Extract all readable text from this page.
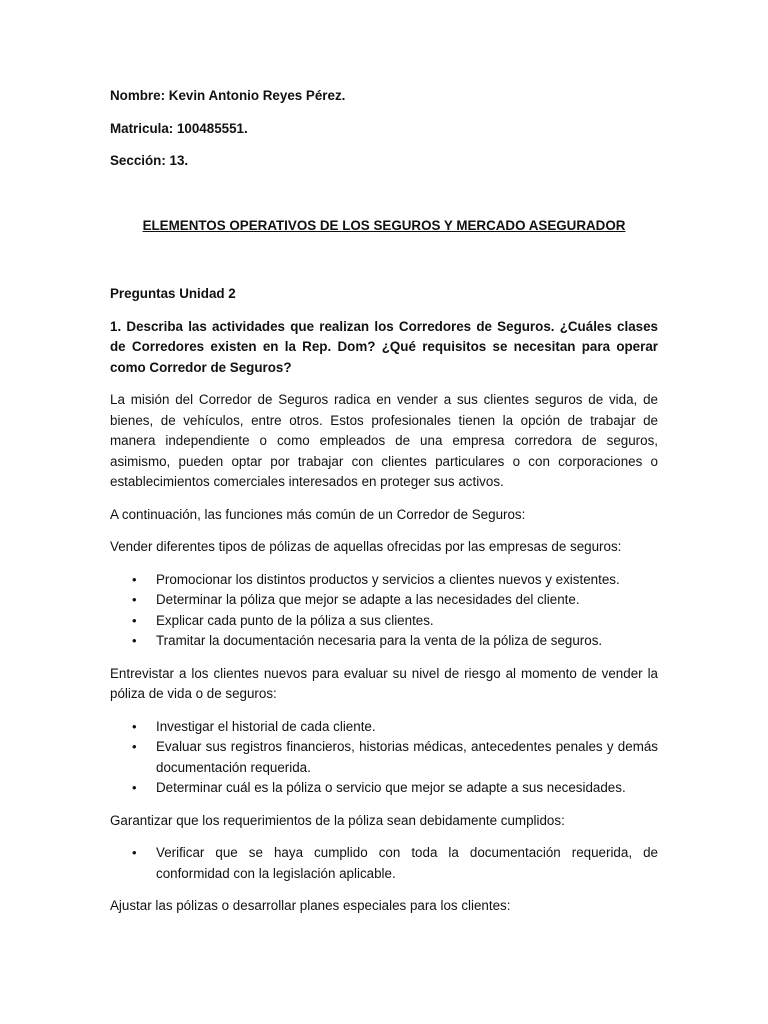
Nombre: Kevin Antonio Reyes Pérez.
Matricula: 100485551.
Sección: 13.
ELEMENTOS OPERATIVOS DE LOS SEGUROS Y MERCADO ASEGURADOR
Preguntas Unidad 2

1. Describa las actividades que realizan los Corredores de Seguros. ¿Cuáles clases de Corredores existen en la Rep. Dom? ¿Qué requisitos se necesitan para operar como Corredor de Seguros?

La misión del Corredor de Seguros radica en vender a sus clientes seguros de vida, de bienes, de vehículos, entre otros. Estos profesionales tienen la opción de trabajar de manera independiente o como empleados de una empresa corredora de seguros, asimismo, pueden optar por trabajar con clientes particulares o con corporaciones o establecimientos comerciales interesados en proteger sus activos.

A continuación, las funciones más común de un Corredor de Seguros:

Vender diferentes tipos de pólizas de aquellas ofrecidas por las empresas de seguros:

• Promocionar los distintos productos y servicios a clientes nuevos y existentes.
• Determinar la póliza que mejor se adapte a las necesidades del cliente.
• Explicar cada punto de la póliza a sus clientes.
• Tramitar la documentación necesaria para la venta de la póliza de seguros.

Entrevistar a los clientes nuevos para evaluar su nivel de riesgo al momento de vender la póliza de vida o de seguros:

• Investigar el historial de cada cliente.
• Evaluar sus registros financieros, historias médicas, antecedentes penales y demás documentación requerida.
• Determinar cuál es la póliza o servicio que mejor se adapte a sus necesidades.

Garantizar que los requerimientos de la póliza sean debidamente cumplidos:

• Verificar que se haya cumplido con toda la documentación requerida, de conformidad con la legislación aplicable.

Ajustar las pólizas o desarrollar planes especiales para los clientes:
